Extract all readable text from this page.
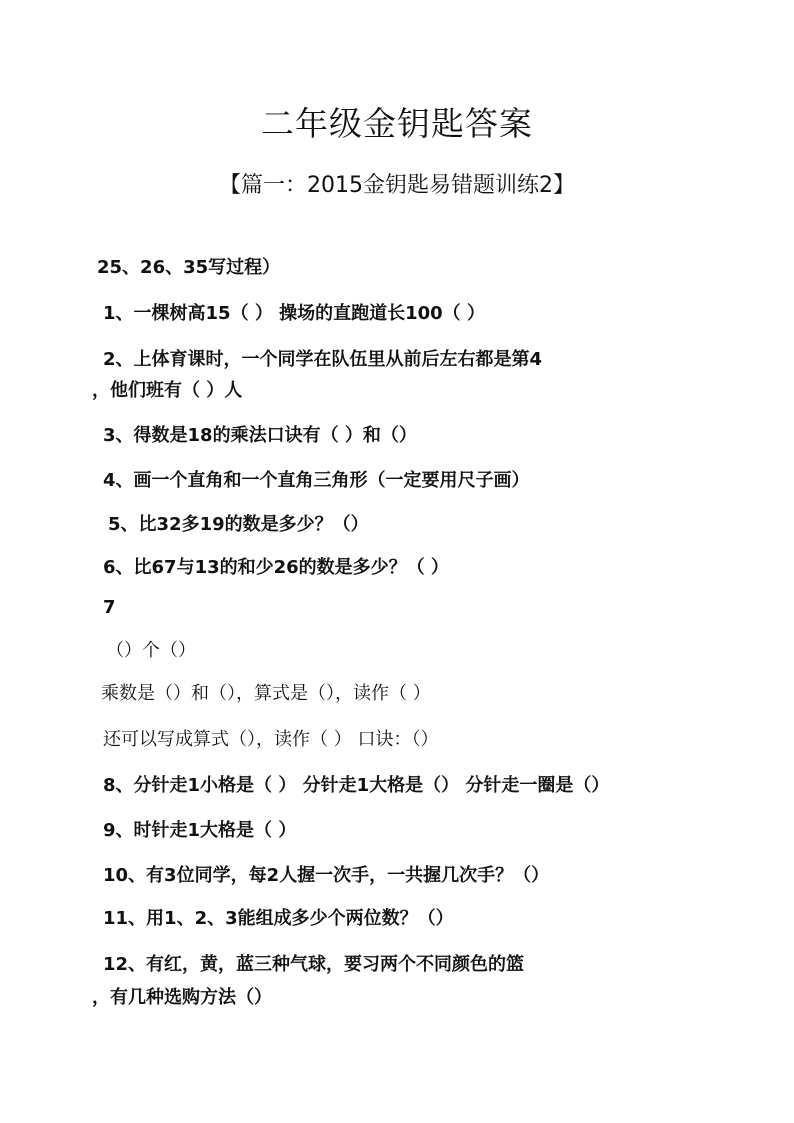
二年级金钥匙答案
【篇一：2015金钥匙易错题训练2】
25、26、35写过程）
1、一棵树高15（ ） 操场的直跑道长100（ ）
2、上体育课时，一个同学在队伍里从前后左右都是第4
，他们班有（ ）人
3、得数是18的乘法口诀有（ ）和（）
4、画一个直角和一个直角三角形（一定要用尺子画）
5、比32多19的数是多少？（）
6、比67与13的和少26的数是多少？（ ）
7
（）个（）
乘数是（）和（），算式是（），读作（ ）
还可以写成算式（），读作（ ） 口诀：（）
8、分针走1小格是（ ） 分针走1大格是（） 分针走一圈是（）
9、时针走1大格是（ ）
10、有3位同学，每2人握一次手，一共握几次手？（）
11、用1、2、3能组成多少个两位数？（）
12、有红，黄，蓝三种气球，要习两个不同颜色的篮
，有几种选购方法（）
